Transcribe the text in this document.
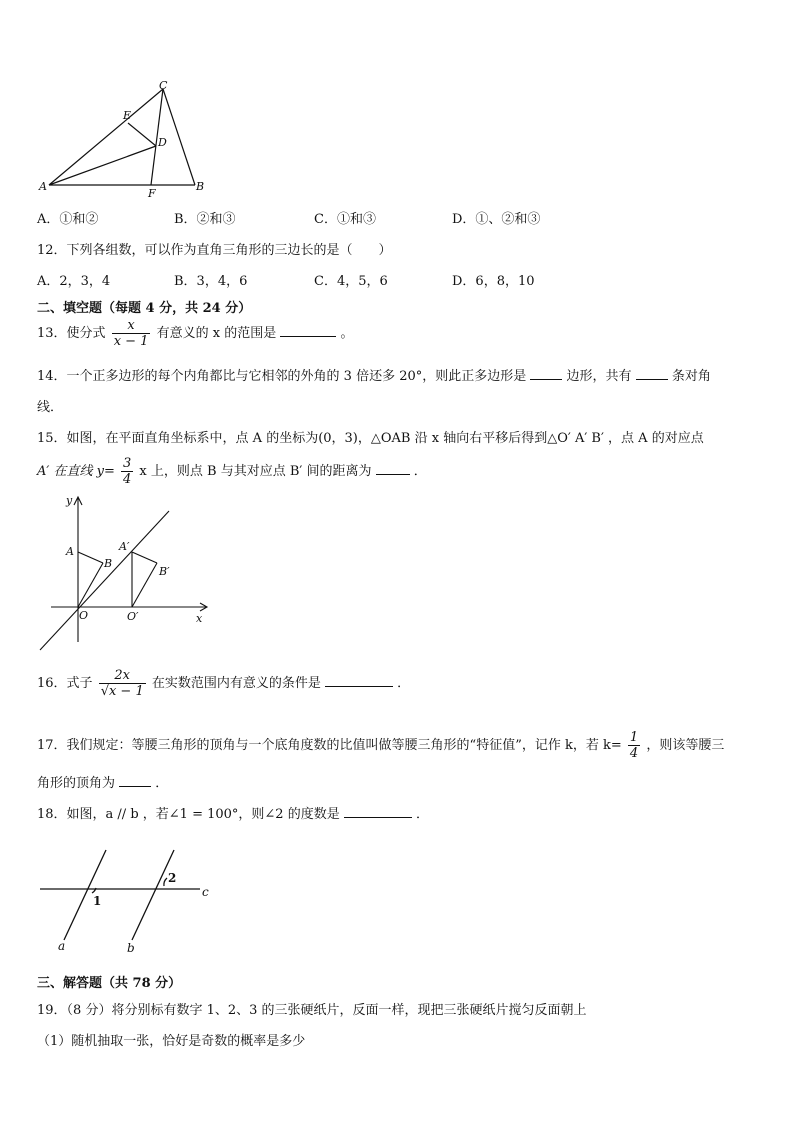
C
E
D
A
F
B
A．①和②	B．②和③	C．①和③	D．①、②和③
12．下列各组数，可以作为直角三角形的三边长的是（　　）
A．2，3，4	B．3，4，6	C．4，5，6	D．6，8，10
二、填空题（每题 4 分，共 24 分）
13．使分式 $\frac{x}{x - 1}$ 有意义的 x 的范围是	。
14．一个正多边形的每个内角都比与它相邻的外角的 3 倍还多 20°，则此正多边形是	边形，共有	条对角
线．
15．如图，在平面直角坐标系中，点 A 的坐标为(0，3)，△OAB 沿 x 轴向右平移后得到△O′ A′ B′ ，点 A 的对应点
A′ 在直线 $y= \frac{3}{4}$ x 上，则点 B 与其对应点 B′ 间的距离为	．
y
x
A
B
O
A′
B′
O′
16．式子 $\frac{2x}{√x - 1}$ 在实数范围内有意义的条件是	．
17．我们规定：等腰三角形的顶角与一个底角度数的比值叫做等腰三角形的“特征值”，记作 k，若 $k= \frac{1}{4}$ ，则该等腰三
角形的顶角为	．
18．如图，a // b ，若∠1 = 100°，则∠2 的度数是	．
1
2
c
a	b
三、解答题（共 78 分）
19．（8 分）将分别标有数字 1、2、3 的三张硬纸片，反面一样，现把三张硬纸片搅匀反面朝上
（1）随机抽取一张，恰好是奇数的概率是多少
